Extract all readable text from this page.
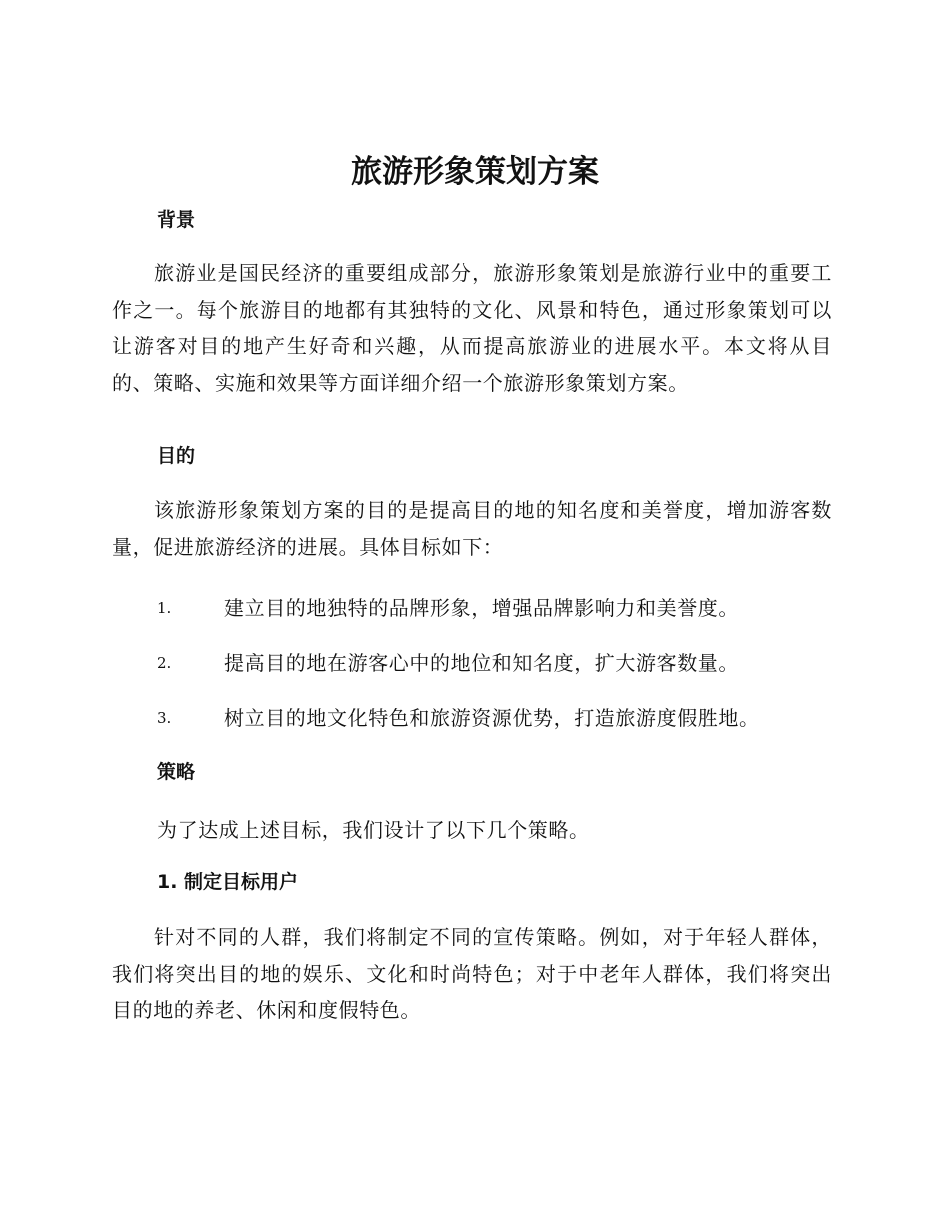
旅游形象策划方案
背景

旅游业是国民经济的重要组成部分，旅游形象策划是旅游行业中的重要工作之一。每个旅游目的地都有其独特的文化、风景和特色，通过形象策划可以让游客对目的地产生好奇和兴趣，从而提高旅游业的进展水平。本文将从目的、策略、实施和效果等方面详细介绍一个旅游形象策划方案。

目的

该旅游形象策划方案的目的是提高目的地的知名度和美誉度，增加游客数量，促进旅游经济的进展。具体目标如下：

1.	建立目的地独特的品牌形象，增强品牌影响力和美誉度。
2.	提高目的地在游客心中的地位和知名度，扩大游客数量。
3.	树立目的地文化特色和旅游资源优势，打造旅游度假胜地。
策略

为了达成上述目标，我们设计了以下几个策略。

1. 制定目标用户

针对不同的人群，我们将制定不同的宣传策略。例如，对于年轻人群体，我们将突出目的地的娱乐、文化和时尚特色；对于中老年人群体，我们将突出目的地的养老、休闲和度假特色。
